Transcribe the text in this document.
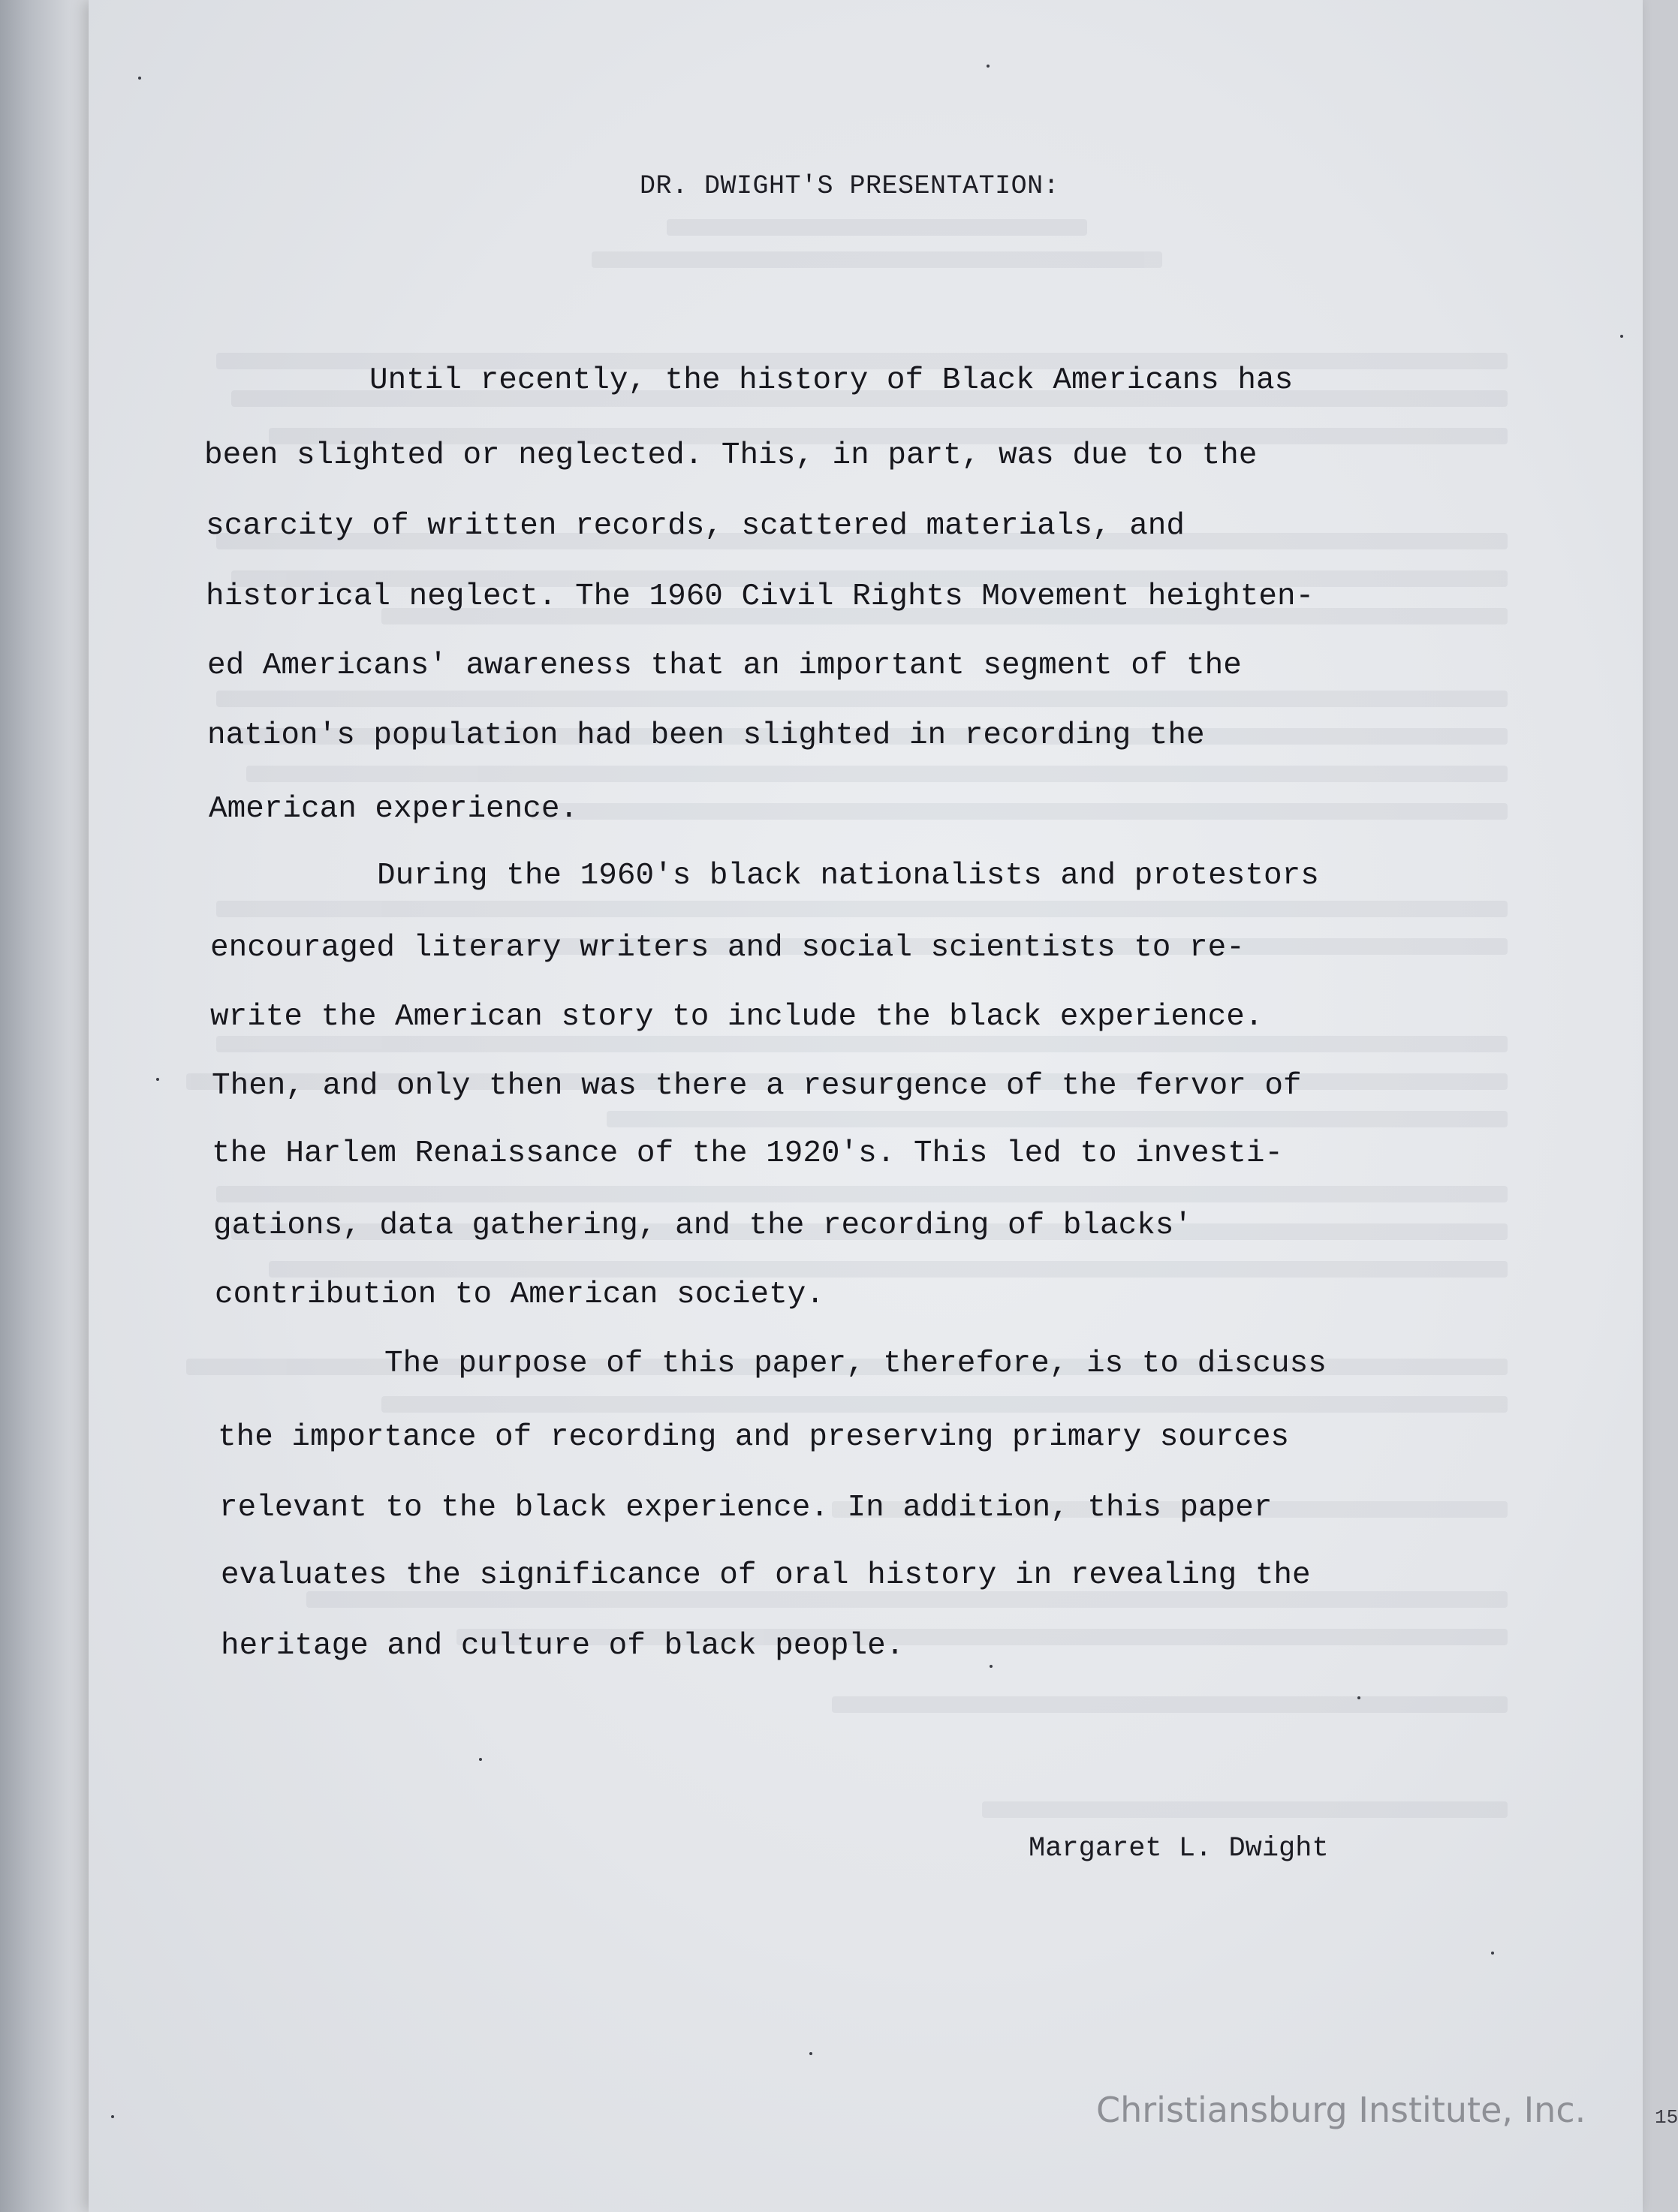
DR. DWIGHT'S PRESENTATION:

Until recently, the history of Black Americans has

been slighted or neglected. This, in part, was due to the

scarcity of written records, scattered materials, and

historical neglect. The 1960 Civil Rights Movement heighten-

ed Americans' awareness that an important segment of the

nation's population had been slighted in recording the

American experience.

During the 1960's black nationalists and protestors

encouraged literary writers and social scientists to re-

write the American story to include the black experience.

Then, and only then was there a resurgence of the fervor of

the Harlem Renaissance of the 1920's. This led to investi-

gations, data gathering, and the recording of blacks'

contribution to American society.

The purpose of this paper, therefore, is to discuss

the importance of recording and preserving primary sources

relevant to the black experience. In addition, this paper

evaluates the significance of oral history in revealing the

heritage and culture of black people.

Margaret L. Dwight

15

Christiansburg Institute, Inc.
